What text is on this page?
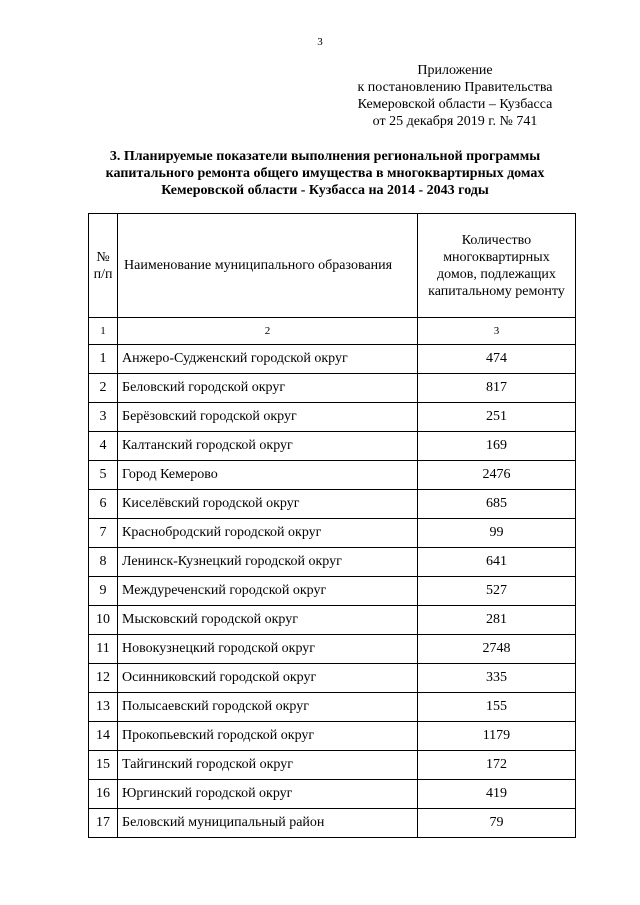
3
Приложение
к постановлению Правительства
Кемеровской области – Кузбасса
от 25 декабря 2019 г. № 741
3. Планируемые показатели выполнения региональной программы
капитального ремонта общего имущества в многоквартирных домах
Кемеровской области - Кузбасса на 2014 - 2043 годы
№ п/п	Наименование муниципального образования	Количество многоквартирных домов, подлежащих капитальному ремонту
1	2	3
1	Анжеро-Судженский городской округ	474
2	Беловский городской округ	817
3	Берёзовский городской округ	251
4	Калтанский городской округ	169
5	Город Кемерово	2476
6	Киселёвский городской округ	685
7	Краснобродский городской округ	99
8	Ленинск-Кузнецкий городской округ	641
9	Междуреченский городской округ	527
10	Мысковский городской округ	281
11	Новокузнецкий городской округ	2748
12	Осинниковский городской округ	335
13	Полысаевский городской округ	155
14	Прокопьевский городской округ	1179
15	Тайгинский городской округ	172
16	Юргинский городской округ	419
17	Беловский муниципальный район	79
